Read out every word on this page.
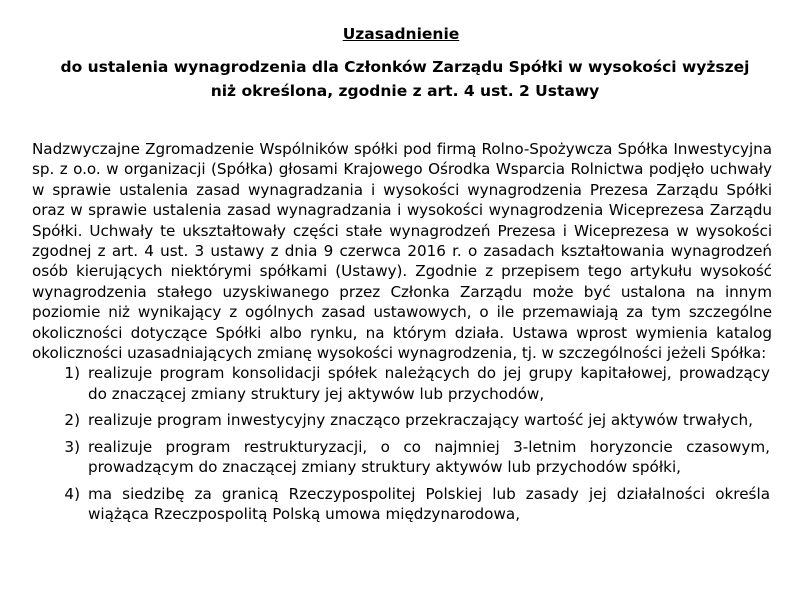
Uzasadnienie
do ustalenia wynagrodzenia dla Członków Zarządu Spółki w wysokości wyższej niż określona, zgodnie z art. 4 ust. 2 Ustawy
Nadzwyczajne Zgromadzenie Wspólników spółki pod firmą Rolno-Spożywcza Spółka Inwestycyjna sp. z o.o. w organizacji (Spółka) głosami Krajowego Ośrodka Wsparcia Rolnictwa podjęło uchwały w sprawie ustalenia zasad wynagradzania i wysokości wynagrodzenia Prezesa Zarządu Spółki oraz w sprawie ustalenia zasad wynagradzania i wysokości wynagrodzenia Wiceprezesa Zarządu Spółki. Uchwały te ukształtowały części stałe wynagrodzeń Prezesa i Wiceprezesa w wysokości zgodnej z art. 4 ust. 3 ustawy z dnia 9 czerwca 2016 r. o zasadach kształtowania wynagrodzeń osób kierujących niektórymi spółkami (Ustawy). Zgodnie z przepisem tego artykułu wysokość wynagrodzenia stałego uzyskiwanego przez Członka Zarządu może być ustalona na innym poziomie niż wynikający z ogólnych zasad ustawowych, o ile przemawiają za tym szczególne okoliczności dotyczące Spółki albo rynku, na którym działa. Ustawa wprost wymienia katalog okoliczności uzasadniających zmianę wysokości wynagrodzenia, tj. w szczególności jeżeli Spółka:
1) realizuje program konsolidacji spółek należących do jej grupy kapitałowej, prowadzący do znaczącej zmiany struktury jej aktywów lub przychodów,
2) realizuje program inwestycyjny znacząco przekraczający wartość jej aktywów trwałych,
3) realizuje program restrukturyzacji, o co najmniej 3-letnim horyzoncie czasowym, prowadzącym do znaczącej zmiany struktury aktywów lub przychodów spółki,
4) ma siedzibę za granicą Rzeczypospolitej Polskiej lub zasady jej działalności określa wiążąca Rzeczpospolitą Polską umowa międzynarodowa,
